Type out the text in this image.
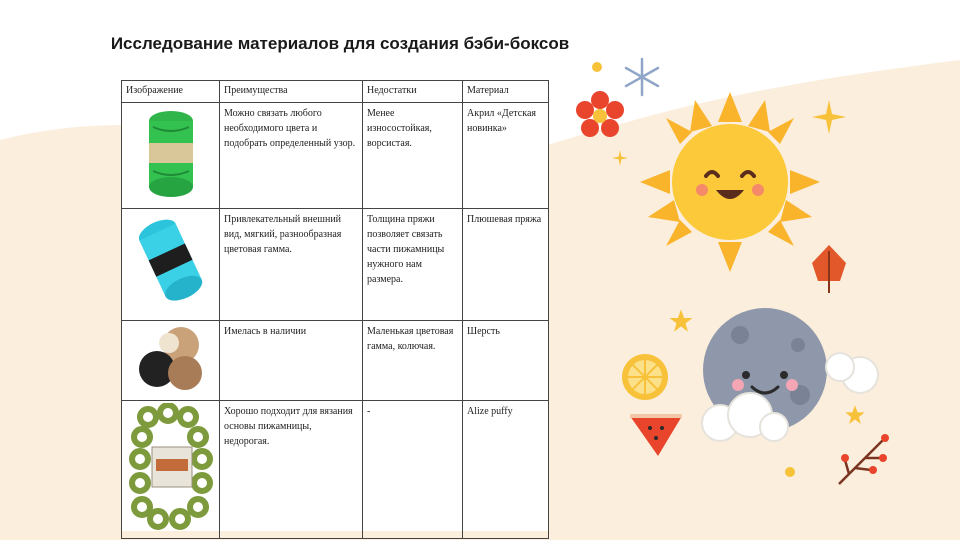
Исследование материалов для создания бэби-боксов
Изображение	Преимущества	Недостатки	Материал
	Можно связать любого необходимого цвета и подобрать определенный узор.	Менее износостойкая, ворсистая.	Акрил «Детская новинка»
	Привлекательный внешний вид, мягкий, разнообразная цветовая гамма.	Толщина пряжи позволяет связать части пижамницы нужного нам размера.	Плюшевая пряжа
	Имелась в наличии	Маленькая цветовая гамма, колючая.	Шерсть
	Хорошо подходит для вязания основы пижамницы, недорогая.	-	Alize puffy
